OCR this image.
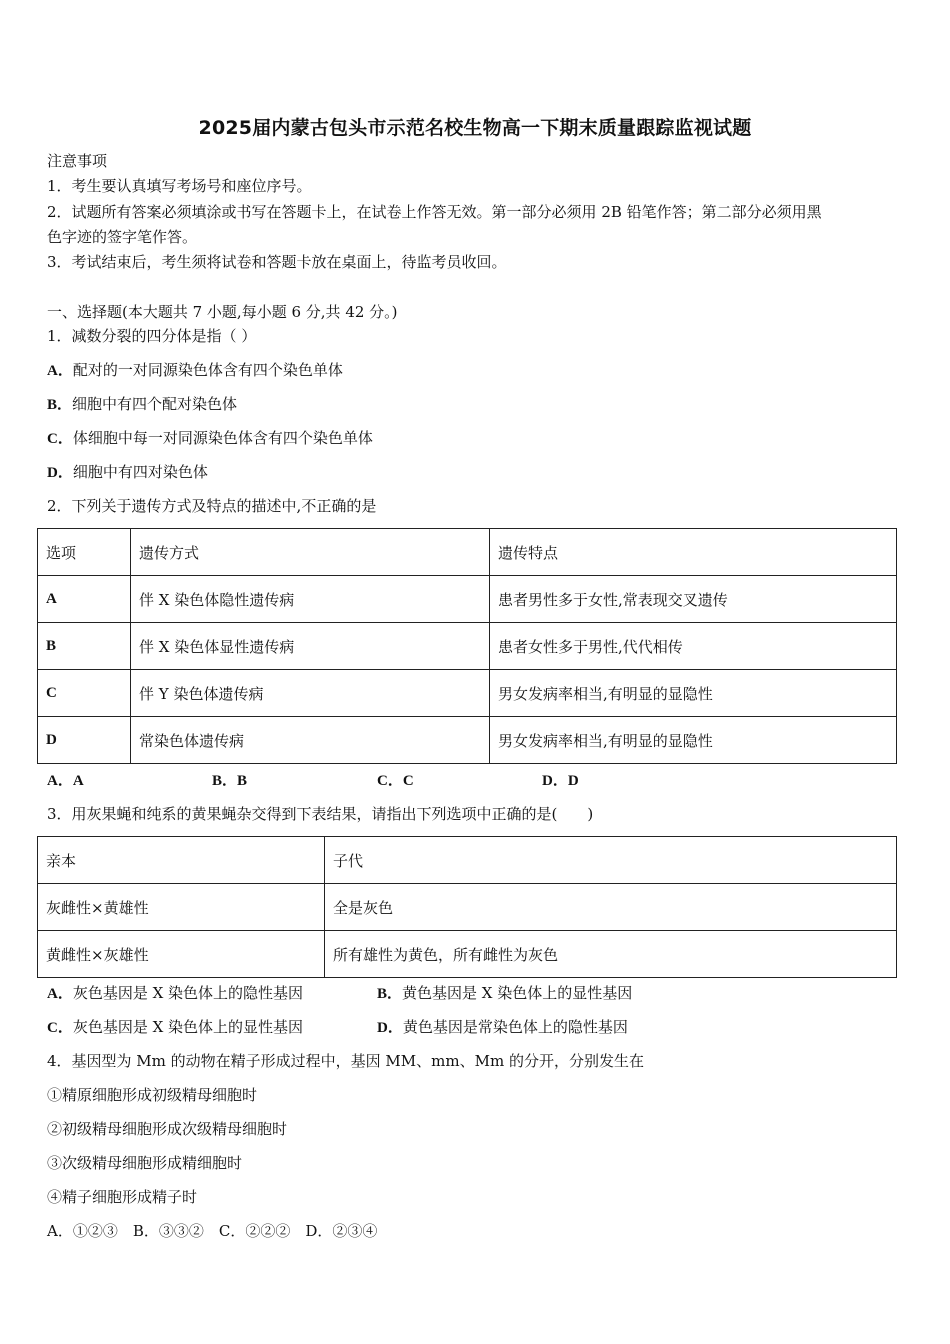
2025届内蒙古包头市示范名校生物高一下期末质量跟踪监视试题
注意事项
1．考生要认真填写考场号和座位序号。
2．试题所有答案必须填涂或书写在答题卡上，在试卷上作答无效。第一部分必须用 2B 铅笔作答；第二部分必须用黑
色字迹的签字笔作答。
3．考试结束后，考生须将试卷和答题卡放在桌面上，待监考员收回。
一、选择题(本大题共 7 小题,每小题 6 分,共 42 分。)
1．减数分裂的四分体是指（ ）
A．配对的一对同源染色体含有四个染色单体
B．细胞中有四个配对染色体
C．体细胞中每一对同源染色体含有四个染色单体
D．细胞中有四对染色体
2．下列关于遗传方式及特点的描述中,不正确的是
选项	遗传方式	遗传特点
A	伴 X 染色体隐性遗传病	患者男性多于女性,常表现交叉遗传
B	伴 X 染色体显性遗传病	患者女性多于男性,代代相传
C	伴 Y 染色体遗传病	男女发病率相当,有明显的显隐性
D	常染色体遗传病	男女发病率相当,有明显的显隐性
A．A	B．B	C．C	D．D
3．用灰果蝇和纯系的黄果蝇杂交得到下表结果，请指出下列选项中正确的是(　　)
亲本	子代
灰雌性×黄雄性	全是灰色
黄雌性×灰雄性	所有雄性为黄色，所有雌性为灰色
A．灰色基因是 X 染色体上的隐性基因	B．黄色基因是 X 染色体上的显性基因
C．灰色基因是 X 染色体上的显性基因	D．黄色基因是常染色体上的隐性基因
4．基因型为 Mm 的动物在精子形成过程中，基因 MM、mm、Mm 的分开，分别发生在
①精原细胞形成初级精母细胞时
②初级精母细胞形成次级精母细胞时
③次级精母细胞形成精细胞时
④精子细胞形成精子时
A．①②③　B．③③②　C．②②②　D．②③④
